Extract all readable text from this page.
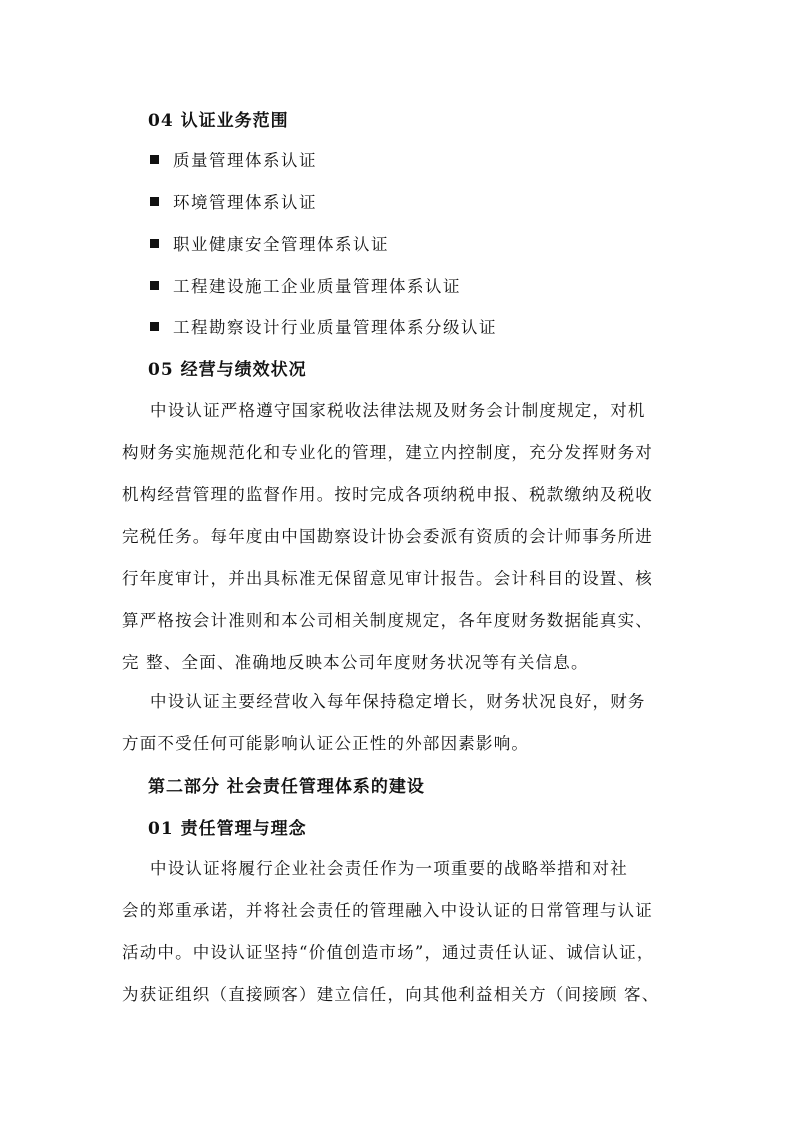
04 认证业务范围
质量管理体系认证
环境管理体系认证
职业健康安全管理体系认证
工程建设施工企业质量管理体系认证
工程勘察设计行业质量管理体系分级认证
05 经营与绩效状况
中设认证严格遵守国家税收法律法规及财务会计制度规定，对机
构财务实施规范化和专业化的管理，建立内控制度，充分发挥财务对
机构经营管理的监督作用。按时完成各项纳税申报、税款缴纳及税收
完税任务。每年度由中国勘察设计协会委派有资质的会计师事务所进
行年度审计，并出具标准无保留意见审计报告。会计科目的设置、核
算严格按会计准则和本公司相关制度规定，各年度财务数据能真实、
完 整、全面、准确地反映本公司年度财务状况等有关信息。
中设认证主要经营收入每年保持稳定增长，财务状况良好，财务
方面不受任何可能影响认证公正性的外部因素影响。
第二部分 社会责任管理体系的建设
01 责任管理与理念
中设认证将履行企业社会责任作为一项重要的战略举措和对社
会的郑重承诺，并将社会责任的管理融入中设认证的日常管理与认证
活动中。中设认证坚持“价值创造市场”，通过责任认证、诚信认证，
为获证组织（直接顾客）建立信任，向其他利益相关方（间接顾 客、
